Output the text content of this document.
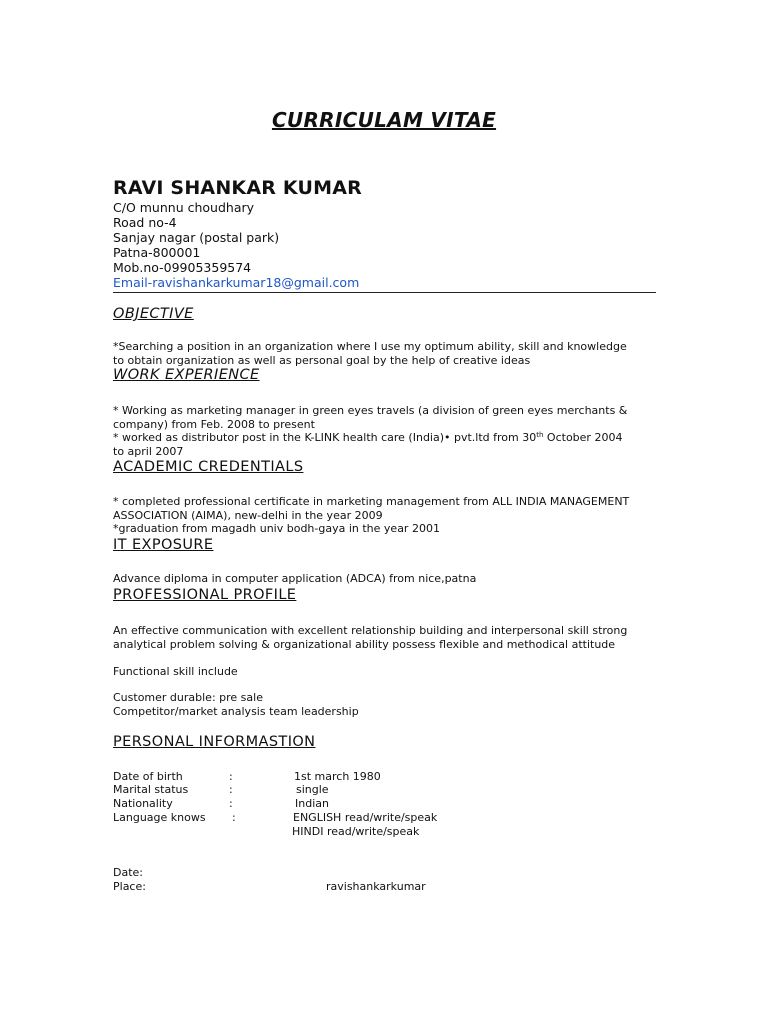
CURRICULAM VITAE
RAVI SHANKAR KUMAR
C/O munnu choudhary
Road no-4
Sanjay nagar (postal park)
Patna-800001
Mob.no-09905359574
Email-ravishankarkumar18@gmail.com
OBJECTIVE
*Searching a position in an organization where I use my optimum ability, skill and knowledge
to obtain organization as well as personal goal by the help of creative ideas
WORK EXPERIENCE
* Working as marketing manager in green eyes travels (a division of green eyes merchants &
company) from Feb. 2008 to present
* worked as distributor post in the K-LINK health care (India)• pvt.ltd from 30th October 2004
to april 2007
ACADEMIC CREDENTIALS
* completed professional certificate in marketing management from ALL INDIA MANAGEMENT
ASSOCIATION (AIMA), new-delhi in the year 2009
*graduation from magadh univ bodh-gaya in the year 2001
IT EXPOSURE
Advance diploma in computer application (ADCA) from nice,patna
PROFESSIONAL PROFILE
An effective communication with excellent relationship building and interpersonal skill strong
analytical problem solving & organizational ability possess flexible and methodical attitude
Functional skill include
Customer durable: pre sale
Competitor/market analysis team leadership
PERSONAL INFORMASTION
Date of birth	:	1st march 1980
Marital status	:	single
Nationality	:	Indian
Language knows :	ENGLISH read/write/speak
HINDI read/write/speak
Date:
Place:	ravishankarkumar
